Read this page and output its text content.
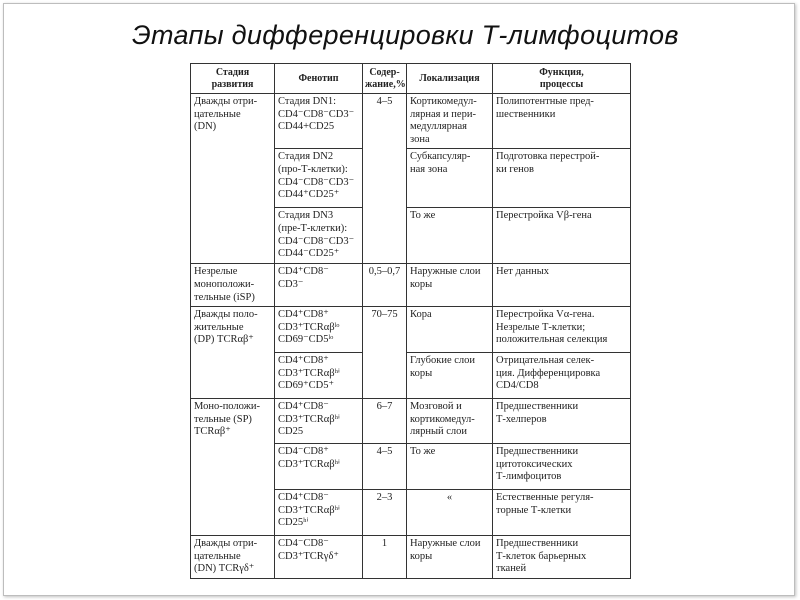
Этапы дифференцировки Т-лимфоцитов
Стадия
развития	Фенотип	Содер-
жание,%	Локализация	Функция,
процессы

Дважды отри-
цательные
(DN)	Стадия DN1:
CD4⁻CD8⁻CD3⁻
CD44+CD25	4–5	Кортикомедул-
лярная и пери-
медуллярная
зона	Полипотентные пред-
шественники

	Стадия DN2
(про-Т-клетки):
CD4⁻CD8⁻CD3⁻
CD44⁺CD25⁺		Субкапсуляр-
ная зона	Подготовка перестрой-
ки генов

	Стадия DN3
(пре-Т-клетки):
CD4⁻CD8⁻CD3⁻
CD44⁻CD25⁺		То же	Перестройка Vβ-гена

Незрелые
моноположи-
тельные (iSP)	CD4⁺CD8⁻
CD3⁻	0,5–0,7	Наружные слои
коры	Нет данных

Дважды поло-
жительные
(DP) TCRαβ⁺	CD4⁺CD8⁺
CD3⁺TCRαβˡᵒ
CD69⁻CD5ˡᵒ	70–75	Кора	Перестройка Vα-гена.
Незрелые Т-клетки;
положительная селекция

	CD4⁺CD8⁺
CD3⁺TCRαβʰⁱ
CD69⁺CD5⁺		Глубокие слои
коры	Отрицательная селек-
ция. Дифференцировка
CD4/CD8

Моно-положи-
тельные (SP)
TCRαβ⁺	CD4⁺CD8⁻
CD3⁺TCRαβʰⁱ
CD25	6–7	Мозговой и
кортикомедул-
лярный слои	Предшественники
Т-хелперов

	CD4⁻CD8⁺
CD3⁺TCRαβʰⁱ	4–5	То же	Предшественники
цитотоксических
Т-лимфоцитов

	CD4⁺CD8⁻
CD3⁺TCRαβʰⁱ
CD25ʰⁱ	2–3	«	Естественные регуля-
торные Т-клетки

Дважды отри-
цательные
(DN) TCRγδ⁺	CD4⁻CD8⁻
CD3⁺TCRγδ⁺	1	Наружные слои
коры	Предшественники
Т-клеток барьерных
тканей
